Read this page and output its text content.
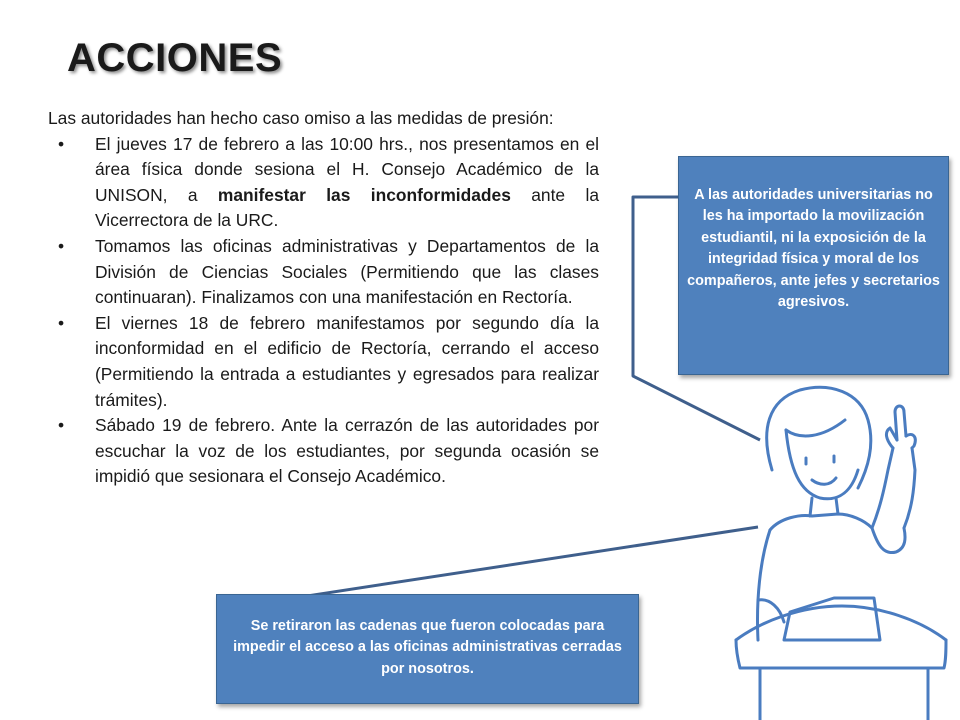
ACCIONES

Las autoridades han hecho caso omiso a las medidas de presión:

• El jueves 17 de febrero a las 10:00 hrs., nos presentamos en el área física donde sesiona el H. Consejo Académico de la UNISON, a manifestar las inconformidades ante la Vicerrectora de la URC.
• Tomamos las oficinas administrativas y Departamentos de la División de Ciencias Sociales (Permitiendo que las clases continuaran). Finalizamos con una manifestación en Rectoría.
• El viernes 18 de febrero manifestamos por segundo día la inconformidad en el edificio de Rectoría, cerrando el acceso (Permitiendo la entrada a estudiantes y egresados para realizar trámites).
• Sábado 19 de febrero. Ante la cerrazón de las autoridades por escuchar la voz de los estudiantes, por segunda ocasión se impidió que sesionara el Consejo Académico.
A las autoridades universitarias no les ha importado la movilización estudiantil, ni la exposición de la integridad física y moral de los compañeros, ante jefes y secretarios agresivos.
Se retiraron las cadenas que fueron colocadas para impedir el acceso a las oficinas administrativas cerradas por nosotros.
